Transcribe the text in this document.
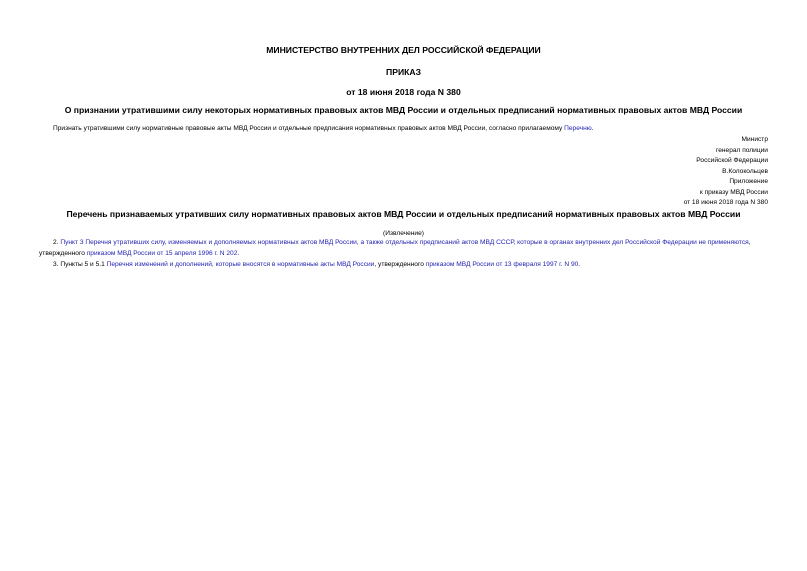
МИНИСТЕРСТВО ВНУТРЕННИХ ДЕЛ РОССИЙСКОЙ ФЕДЕРАЦИИ
ПРИКАЗ
от 18 июня 2018 года N 380
О признании утратившими силу некоторых нормативных правовых актов МВД России и отдельных предписаний нормативных правовых актов МВД России
Признать утратившими силу нормативные правовые акты МВД России и отдельные предписания нормативных правовых актов МВД России, согласно прилагаемому Перечню.
Министр
генерал полиции
Российской Федерации
В.Колокольцев
Приложение
к приказу МВД России
от 18 июня 2018 года N 380
Перечень признаваемых утративших силу нормативных правовых актов МВД России и отдельных предписаний нормативных правовых актов МВД России
(Извлечение)
2. Пункт 3 Перечня утративших силу, изменяемых и дополняемых нормативных актов МВД России, а также отдельных предписаний актов МВД СССР, которые в органах внутренних дел Российской Федерации не применяются, утвержденного приказом МВД России от 15 апреля 1996 г. N 202.
3. Пункты 5 и 5.1 Перечня изменений и дополнений, которые вносятся в нормативные акты МВД России, утвержденного приказом МВД России от 13 февраля 1997 г. N 90.
